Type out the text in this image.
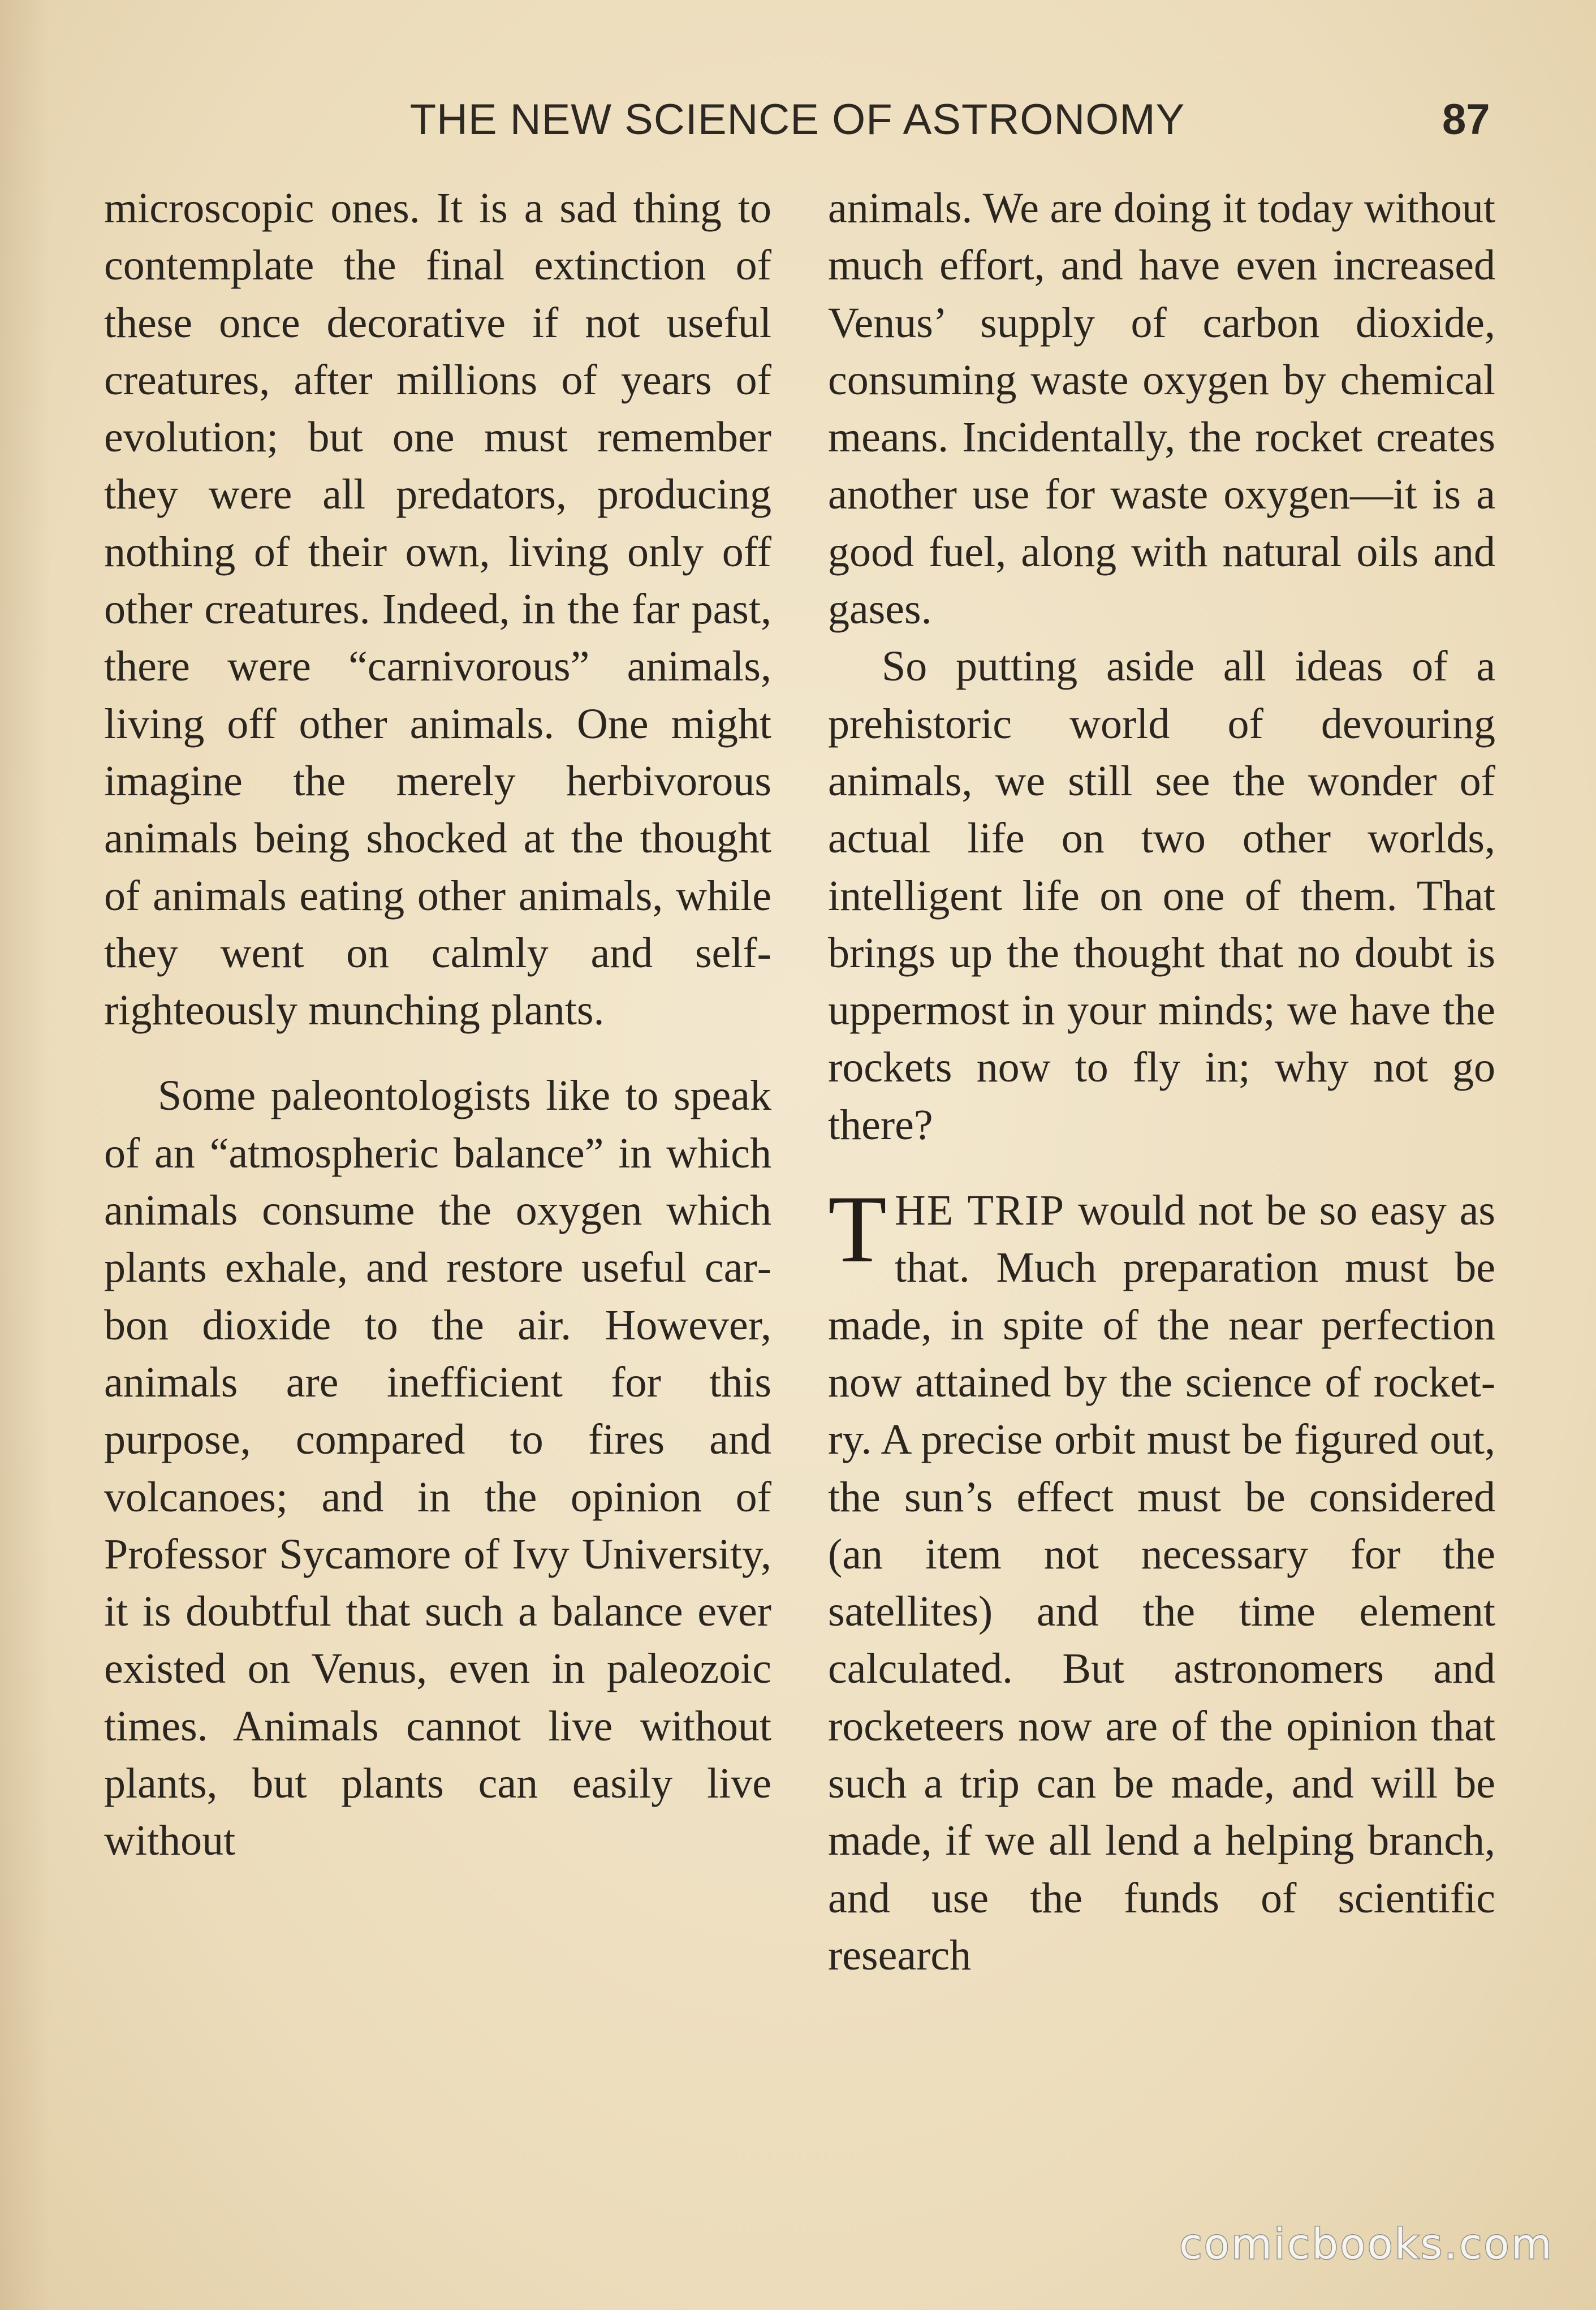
THE NEW SCIENCE OF ASTRONOMY	87

microscopic ones. It is a sad thing to contemplate the final extinction of these once decorative if not useful creatures, after millions of years of evolution; but one must remember they were all predators, producing nothing of their own, living only off other creatures. Indeed, in the far past, there were “carnivorous” animals, living off other animals. One might imagine the merely herbivorous animals being shocked at the thought of animals eating other animals, while they went on calmly and self-righteously munching plants.

Some paleontologists like to speak of an “atmospheric balance” in which animals consume the oxygen which plants exhale, and restore useful carbon dioxide to the air. However, animals are inefficient for this purpose, compared to fires and volcanoes; and in the opinion of Professor Sycamore of Ivy University, it is doubtful that such a balance ever existed on Venus, even in paleozoic times. Animals cannot live without plants, but plants can easily live without

animals. We are doing it today without much effort, and have even increased Venus’ supply of carbon dioxide, consuming waste oxygen by chemical means. Incidentally, the rocket creates another use for waste oxygen—it is a good fuel, along with natural oils and gases.

So putting aside all ideas of a prehistoric world of devouring animals, we still see the wonder of actual life on two other worlds, intelligent life on one of them. That brings up the thought that no doubt is uppermost in your minds; we have the rockets now to fly in; why not go there?

THE TRIP would not be so easy as that. Much preparation must be made, in spite of the near perfection now attained by the science of rocketry. A precise orbit must be figured out, the sun’s effect must be considered (an item not necessary for the satellites) and the time element calculated. But astronomers and rocketeers now are of the opinion that such a trip can be made, and will be made, if we all lend a helping branch, and use the funds of scientific research

comicbooks.com
